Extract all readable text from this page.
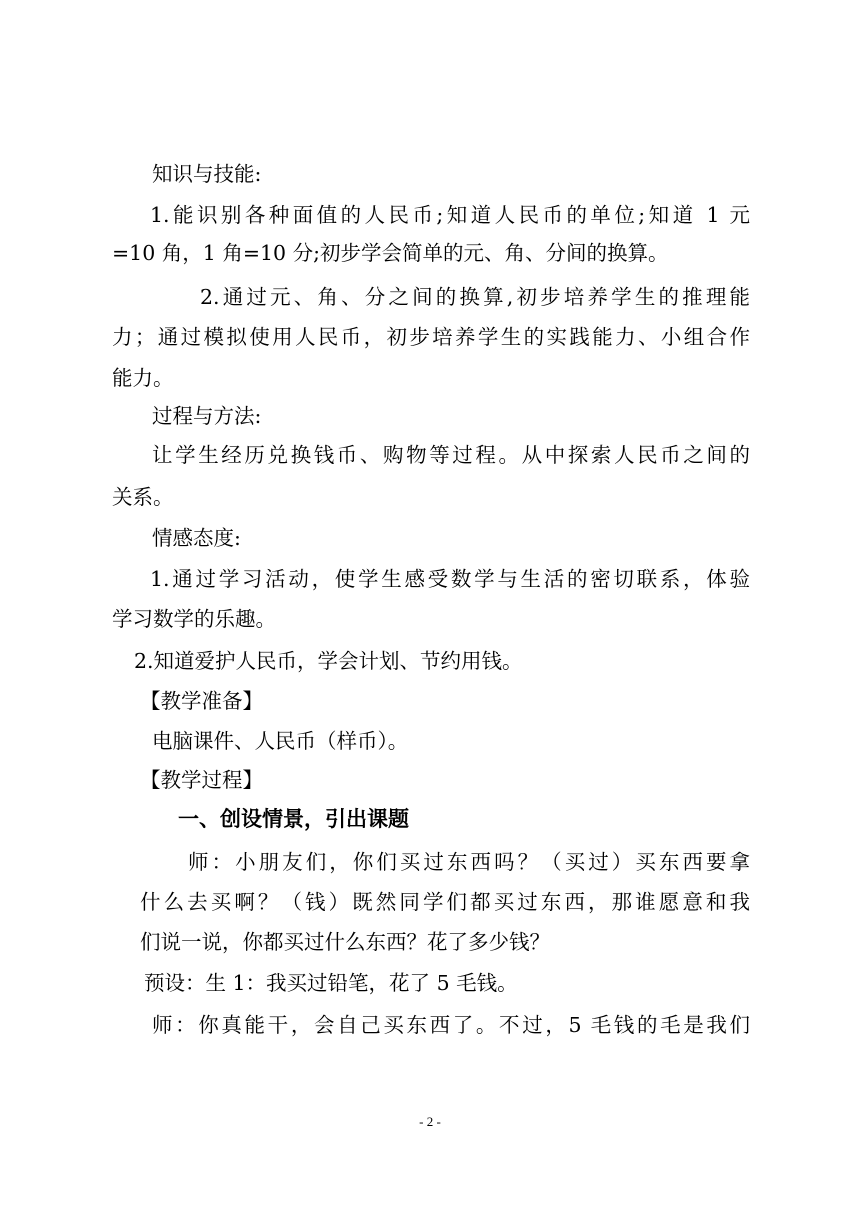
知识与技能:
1.能识别各种面值的人民币;知道人民币的单位;知道 1 元
=10 角，1 角=10 分;初步学会简单的元、角、分间的换算。
2.通过元、角、分之间的换算,初步培养学生的推理能
力；通过模拟使用人民币，初步培养学生的实践能力、小组合作
能力。
过程与方法:
让学生经历兑换钱币、购物等过程。从中探索人民币之间的
关系。
情感态度:
1.通过学习活动，使学生感受数学与生活的密切联系，体验
学习数学的乐趣。
2.知道爱护人民币，学会计划、节约用钱。
【教学准备】
电脑课件、人民币（样币）。
【教学过程】
一、创设情景，引出课题
师：小朋友们，你们买过东西吗？（买过）买东西要拿
什么去买啊？（钱）既然同学们都买过东西，那谁愿意和我
们说一说，你都买过什么东西？花了多少钱？
预设：生 1：我买过铅笔，花了 5 毛钱。
师：你真能干，会自己买东西了。不过，5 毛钱的毛是我们
- 2 -
